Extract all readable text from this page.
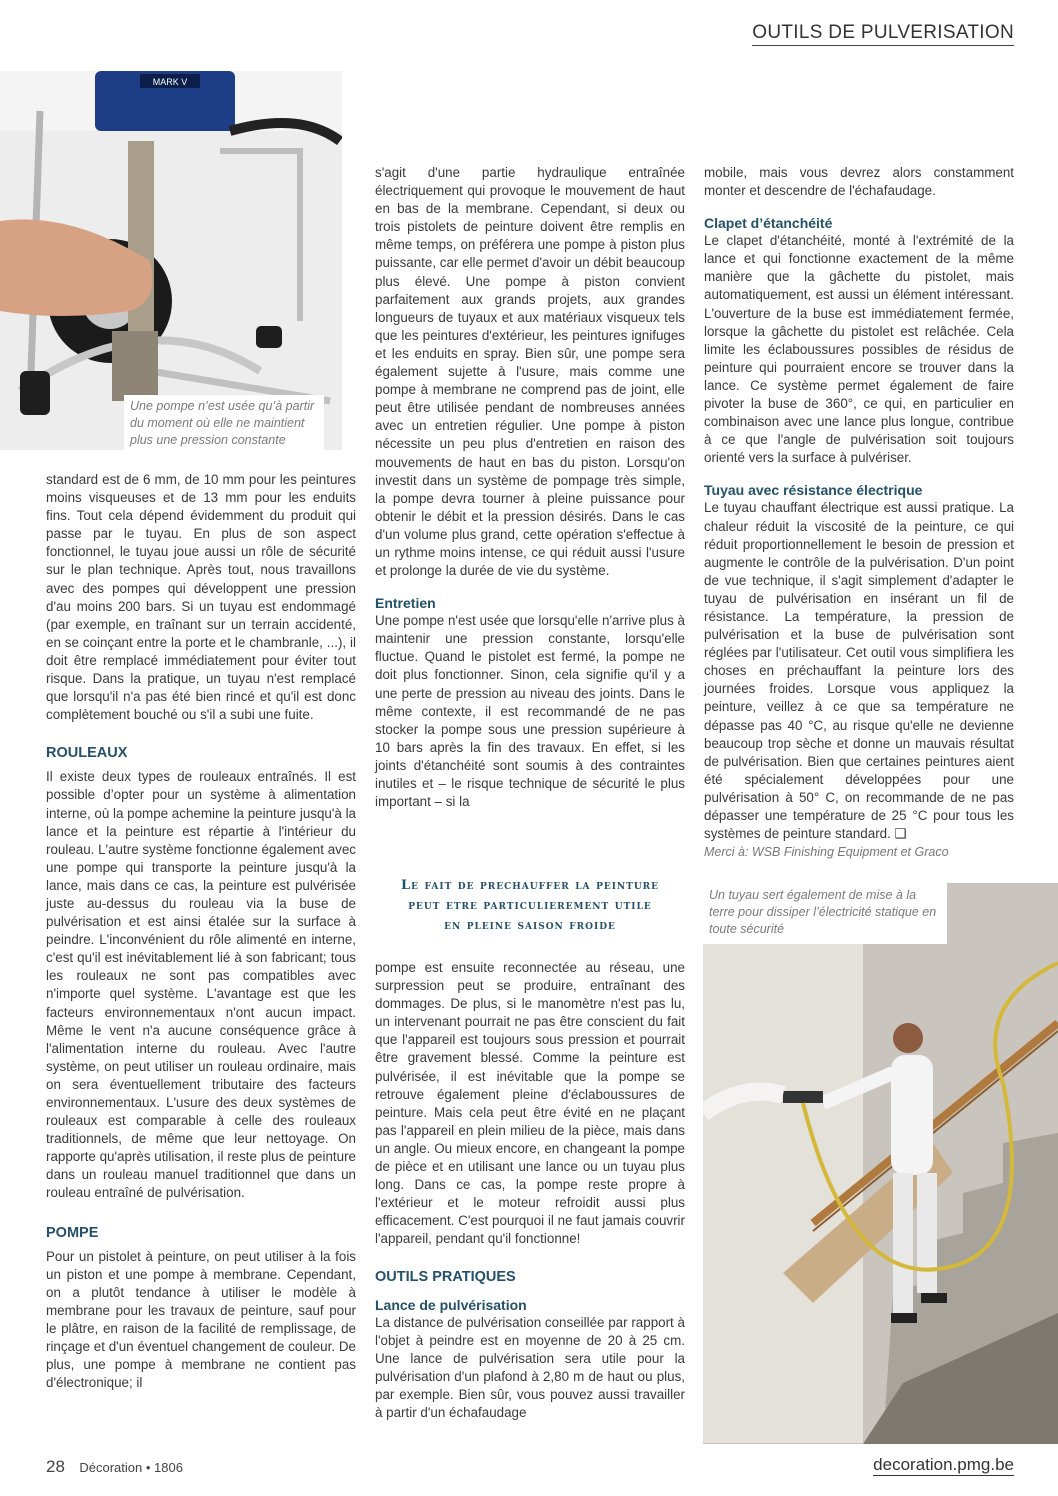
OUTILS DE PULVERISATION
MARK V
Une pompe n’est usée qu’à partir du moment où elle ne maintient plus une pression constante

standard est de 6 mm, de 10 mm pour les peintures moins visqueuses et de 13 mm pour les enduits fins. Tout cela dépend évidemment du produit qui passe par le tuyau. En plus de son aspect fonctionnel, le tuyau joue aussi un rôle de sécurité sur le plan technique. Après tout, nous travaillons avec des pompes qui développent une pression d'au moins 200 bars. Si un tuyau est endommagé (par exemple, en traînant sur un terrain accidenté, en se coinçant entre la porte et le chambranle, ...), il doit être remplacé immédiatement pour éviter tout risque. Dans la pratique, un tuyau n'est remplacé que lorsqu'il n'a pas été bien rincé et qu'il est donc complètement bouché ou s'il a subi une fuite.

ROULEAUX

Il existe deux types de rouleaux entraînés. Il est possible d’opter pour un système à alimentation interne, où la pompe achemine la peinture jusqu'à la lance et la peinture est répartie à l'intérieur du rouleau. L'autre système fonctionne également avec une pompe qui transporte la peinture jusqu'à la lance, mais dans ce cas, la peinture est pulvérisée juste au-dessus du rouleau via la buse de pulvérisation et est ainsi étalée sur la surface à peindre. L'inconvénient du rôle alimenté en interne, c'est qu'il est inévitablement lié à son fabricant; tous les rouleaux ne sont pas compatibles avec n'importe quel système. L'avantage est que les facteurs environnementaux n'ont aucun impact. Même le vent n'a aucune conséquence grâce à l'alimentation interne du rouleau. Avec l'autre système, on peut utiliser un rouleau ordinaire, mais on sera éventuellement tributaire des facteurs environnementaux. L'usure des deux systèmes de rouleaux est comparable à celle des rouleaux traditionnels, de même que leur nettoyage. On rapporte qu'après utilisation, il reste plus de peinture dans un rouleau manuel traditionnel que dans un rouleau entraîné de pulvérisation.

POMPE

Pour un pistolet à peinture, on peut utiliser à la fois un piston et une pompe à membrane. Cependant, on a plutôt tendance à utiliser le modèle à membrane pour les travaux de peinture, sauf pour le plâtre, en raison de la facilité de remplissage, de rinçage et d'un éventuel changement de couleur. De plus, une pompe à membrane ne contient pas d'électronique; il

s'agit d'une partie hydraulique entraînée électriquement qui provoque le mouvement de haut en bas de la membrane. Cependant, si deux ou trois pistolets de peinture doivent être remplis en même temps, on préférera une pompe à piston plus puissante, car elle permet d'avoir un débit beaucoup plus élevé. Une pompe à piston convient parfaitement aux grands projets, aux grandes longueurs de tuyaux et aux matériaux visqueux tels que les peintures d'extérieur, les peintures ignifuges et les enduits en spray. Bien sûr, une pompe sera également sujette à l'usure, mais comme une pompe à membrane ne comprend pas de joint, elle peut être utilisée pendant de nombreuses années avec un entretien régulier. Une pompe à piston nécessite un peu plus d'entretien en raison des mouvements de haut en bas du piston. Lorsqu'on investit dans un système de pompage très simple, la pompe devra tourner à pleine puissance pour obtenir le débit et la pression désirés. Dans le cas d'un volume plus grand, cette opération s'effectue à un rythme moins intense, ce qui réduit aussi l'usure et prolonge la durée de vie du système.

Entretien

Une pompe n'est usée que lorsqu'elle n'arrive plus à maintenir une pression constante, lorsqu'elle fluctue. Quand le pistolet est fermé, la pompe ne doit plus fonctionner. Sinon, cela signifie qu'il y a une perte de pression au niveau des joints. Dans le même contexte, il est recommandé de ne pas stocker la pompe sous une pression supérieure à 10 bars après la fin des travaux. En effet, si les joints d'étanchéité sont soumis à des contraintes inutiles et – le risque technique de sécurité le plus important – si la

Le fait de prechauffer la peinture
peut etre particulierement utile
en pleine saison froide

pompe est ensuite reconnectée au réseau, une surpression peut se produire, entraînant des dommages. De plus, si le manomètre n'est pas lu, un intervenant pourrait ne pas être conscient du fait que l'appareil est toujours sous pression et pourrait être gravement blessé. Comme la peinture est pulvérisée, il est inévitable que la pompe se retrouve également pleine d'éclaboussures de peinture. Mais cela peut être évité en ne plaçant pas l'appareil en plein milieu de la pièce, mais dans un angle. Ou mieux encore, en changeant la pompe de pièce et en utilisant une lance ou un tuyau plus long. Dans ce cas, la pompe reste propre à l'extérieur et le moteur refroidit aussi plus efficacement. C'est pourquoi il ne faut jamais couvrir l'appareil, pendant qu'il fonctionne!

OUTILS PRATIQUES
Lance de pulvérisation

La distance de pulvérisation conseillée par rapport à l'objet à peindre est en moyenne de 20 à 25 cm. Une lance de pulvérisation sera utile pour la pulvérisation d'un plafond à 2,80 m de haut ou plus, par exemple. Bien sûr, vous pouvez aussi travailler à partir d'un échafaudage

mobile, mais vous devrez alors constamment monter et descendre de l'échafaudage.

Clapet d’étanchéité

Le clapet d'étanchéité, monté à l'extrémité de la lance et qui fonctionne exactement de la même manière que la gâchette du pistolet, mais automatiquement, est aussi un élément intéressant. L'ouverture de la buse est immédiatement fermée, lorsque la gâchette du pistolet est relâchée. Cela limite les éclaboussures possibles de résidus de peinture qui pourraient encore se trouver dans la lance. Ce système permet également de faire pivoter la buse de 360°, ce qui, en particulier en combinaison avec une lance plus longue, contribue à ce que l'angle de pulvérisation soit toujours orienté vers la surface à pulvériser.

Tuyau avec résistance électrique

Le tuyau chauffant électrique est aussi pratique. La chaleur réduit la viscosité de la peinture, ce qui réduit proportionnellement le besoin de pression et augmente le contrôle de la pulvérisation. D'un point de vue technique, il s'agit simplement d'adapter le tuyau de pulvérisation en insérant un fil de résistance. La température, la pression de pulvérisation et la buse de pulvérisation sont réglées par l'utilisateur. Cet outil vous simplifiera les choses en préchauffant la peinture lors des journées froides. Lorsque vous appliquez la peinture, veillez à ce que sa température ne dépasse pas 40 °C, au risque qu'elle ne devienne beaucoup trop sèche et donne un mauvais résultat de pulvérisation. Bien que certaines peintures aient été spécialement développées pour une pulvérisation à 50° C, on recommande de ne pas dépasser une température de 25 °C pour tous les systèmes de peinture standard. ❑

Merci à: WSB Finishing Equipment et Graco

Un tuyau sert également de mise à la terre pour dissiper l’électricité statique en toute sécurité
28 Décoration • 1806	decoration.pmg.be
